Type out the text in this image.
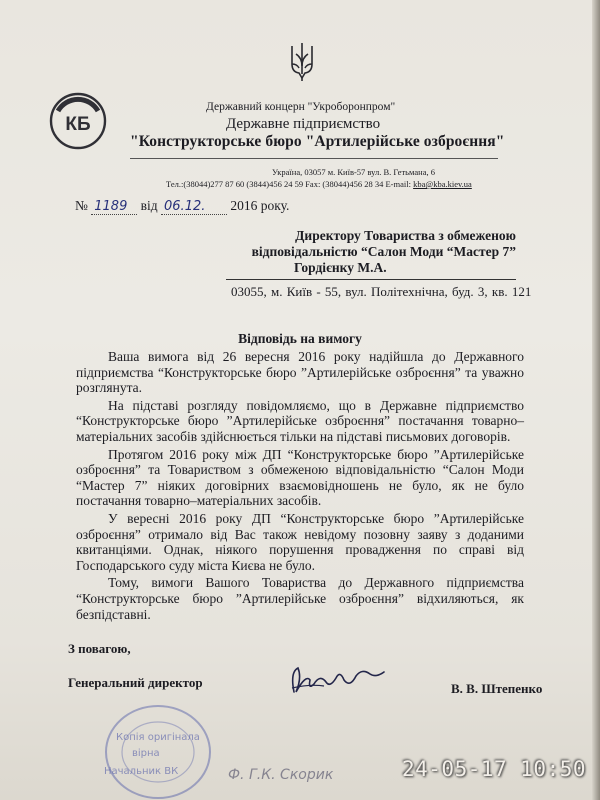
КБ
Державний концерн "Укроборонпром"
Державне підприємство
"Конструкторське бюро "Артилерійське озброєння"
Україна, 03057 м. Київ-57 вул. В. Гетьмана, 6
Тел.:(38044)277 87 60 (3844)456 24 59 Fax: (38044)456 28 34 E-mail: kba@kba.kiev.ua
№ 1189 від 06.12. 2016 року.
Директору Товариства з обмеженою
відповідальністю “Салон Моди “Мастер 7”
Гордієнку М.А.
03055, м. Київ - 55, вул. Політехнічна, буд. 3, кв. 121
Відповідь на вимогу

Ваша вимога від 26 вересня 2016 року надійшла до Державного підприємства “Конструкторське бюро ”Артилерійське озброєння” та уважно розглянута.

На підставі розгляду повідомляємо, що в Державне підприємство “Конструкторське бюро ”Артилерійське озброєння” постачання товарно–матеріальних засобів здійснюється тільки на підставі письмових договорів.

Протягом 2016 року між ДП “Конструкторське бюро ”Артилерійське озброєння” та Товариством з обмеженою відповідальністю “Салон Моди “Мастер 7” ніяких договірних взаємовідношень не було, як не було постачання товарно–матеріальних засобів.

У вересні 2016 року ДП “Конструкторське бюро ”Артилерійське озброєння” отримало від Вас також невідому позовну заяву з доданими квитанціями. Однак, ніякого порушення провадження по справі від Господарського суду міста Києва не було.

Тому, вимоги Вашого Товариства до Державного підприємства “Конструкторське бюро ”Артилерійське озброєння” відхиляються, як безпідставні.

З повагою,
Генеральний директор	В. В. Штепенко
Копія оригінала
вірна
Начальник ВК	Ф. Г.К. Скорик	24-05-17 10:50
